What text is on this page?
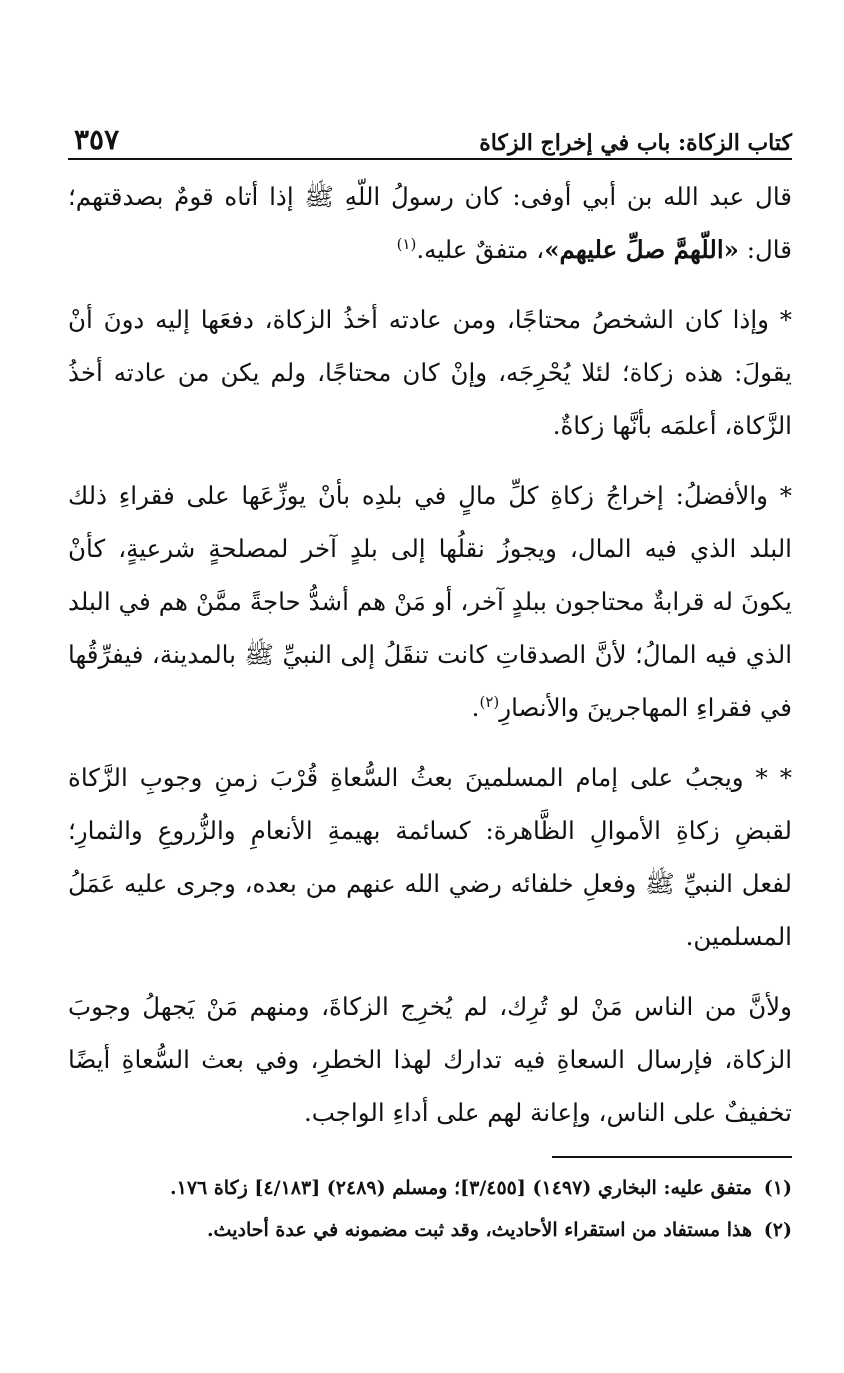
كتاب الزكاة: باب في إخراج الزكاة
٣٥٧

قال عبد الله بن أبي أوفى: كان رسولُ اللّهِ ﷺ إذا أتاه قومٌ بصدقتهم؛ قال: «اللّهمَّ صلِّ عليهم»، متفقٌ عليه.$^{(١)}$

* وإذا كان الشخصُ محتاجًا، ومن عادته أخذُ الزكاة، دفعَها إليه دونَ أنْ يقولَ: هذه زكاة؛ لئلا يُحْرِجَه، وإنْ كان محتاجًا، ولم يكن من عادته أخذُ الزَّكاة، أعلمَه بأنَّها زكاةٌ.

* والأفضلُ: إخراجُ زكاةِ كلِّ مالٍ في بلدِه بأنْ يوزِّعَها على فقراءِ ذلك البلد الذي فيه المال، ويجوزُ نقلُها إلى بلدٍ آخر لمصلحةٍ شرعيةٍ، كأنْ يكونَ له قرابةٌ محتاجون ببلدٍ آخر، أو مَنْ هم أشدُّ حاجةً ممَّنْ هم في البلد الذي فيه المالُ؛ لأنَّ الصدقاتِ كانت تنقَلُ إلى النبيِّ ﷺ بالمدينة، فيفرِّقُها في فقراءِ المهاجرينَ والأنصارِ$^{(٢)}$.

* * ويجبُ على إمام المسلمينَ بعثُ السُّعاةِ قُرْبَ زمنِ وجوبِ الزَّكاة لقبضِ زكاةِ الأموالِ الظَّاهرة: كسائمة بهيمةِ الأنعامِ والزُّروعِ والثمارِ؛ لفعل النبيِّ ﷺ وفعلِ خلفائه رضي الله عنهم من بعده، وجرى عليه عَمَلُ المسلمين.

ولأنَّ من الناس مَنْ لو تُرِك، لم يُخرِج الزكاةَ، ومنهم مَنْ يَجهلُ وجوبَ الزكاة، فإرسال السعاةِ فيه تدارك لهذا الخطرِ، وفي بعث السُّعاةِ أيضًا تخفيفٌ على الناس، وإعانة لهم على أداءِ الواجب.

(١)
متفق عليه: البخاري (١٤٩٧) [٣/٤٥٥]؛ ومسلم (٢٤٨٩) [٤/١٨٣] زكاة ١٧٦.
(٢)
هذا مستفاد من استقراء الأحاديث، وقد ثبت مضمونه في عدة أحاديث.
